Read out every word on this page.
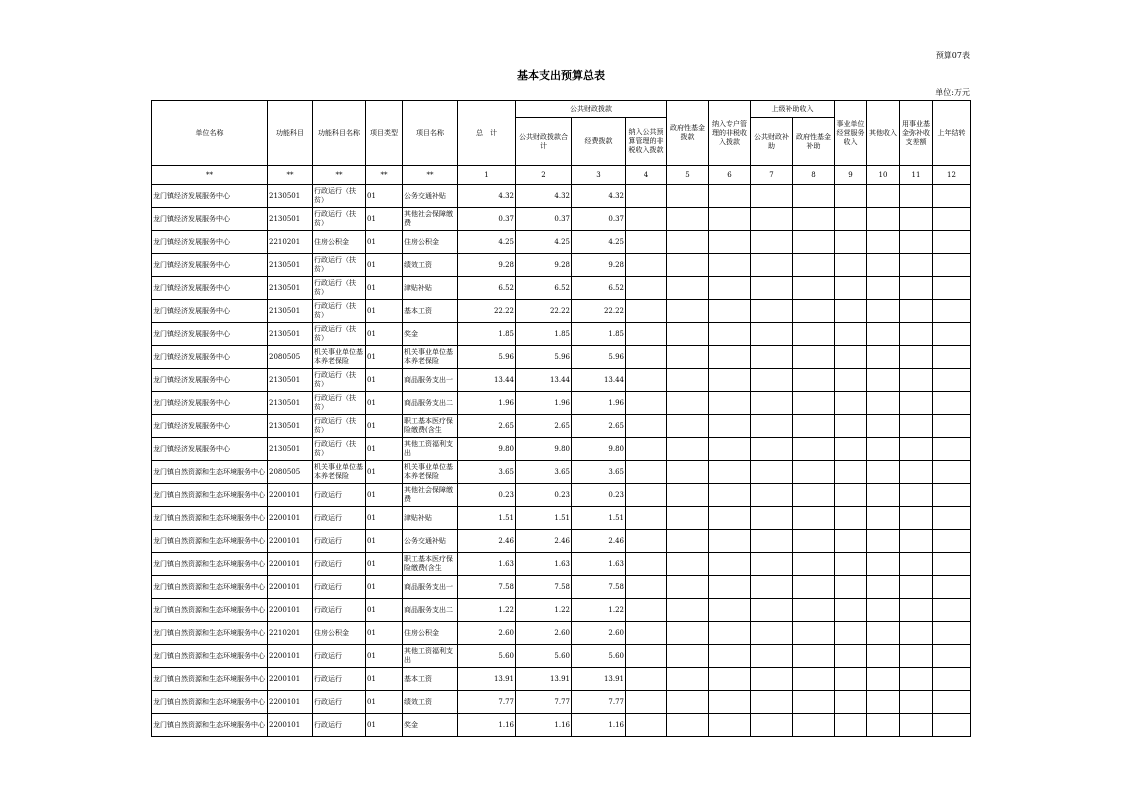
预算07表
基本支出预算总表
单位:万元
单位名称	功能科目	功能科目名称	项目类型	项目名称	总　计	公共财政拨款			政府性基金拨款	纳入专户管理的非税收入拨款	上级补助收入		事业单位经营服务收入	其他收入	用事业基金弥补收支差额	上年结转
						公共财政拨款合计	经费拨款	纳入公共预算管理的非税收入拨款			公共财政补助	政府性基金补助				
**	**	**	**	**	1	2	3	4	5	6	7	8	9	10	11	12
龙门镇经济发展服务中心	2130501	行政运行（扶贫）	01	公务交通补贴	4.32	4.32	4.32									
龙门镇经济发展服务中心	2130501	行政运行（扶贫）	01	其他社会保障缴费	0.37	0.37	0.37									
龙门镇经济发展服务中心	2210201	住房公积金	01	住房公积金	4.25	4.25	4.25									
龙门镇经济发展服务中心	2130501	行政运行（扶贫）	01	绩效工资	9.28	9.28	9.28									
龙门镇经济发展服务中心	2130501	行政运行（扶贫）	01	津贴补贴	6.52	6.52	6.52									
龙门镇经济发展服务中心	2130501	行政运行（扶贫）	01	基本工资	22.22	22.22	22.22									
龙门镇经济发展服务中心	2130501	行政运行（扶贫）	01	奖金	1.85	1.85	1.85									
龙门镇经济发展服务中心	2080505	机关事业单位基本养老保险	01	机关事业单位基本养老保险	5.96	5.96	5.96									
龙门镇经济发展服务中心	2130501	行政运行（扶贫）	01	商品服务支出一	13.44	13.44	13.44									
龙门镇经济发展服务中心	2130501	行政运行（扶贫）	01	商品服务支出二	1.96	1.96	1.96									
龙门镇经济发展服务中心	2130501	行政运行（扶贫）	01	职工基本医疗保险缴费(含生	2.65	2.65	2.65									
龙门镇经济发展服务中心	2130501	行政运行（扶贫）	01	其他工资福利支出	9.80	9.80	9.80									
龙门镇自然资源和生态环境服务中心	2080505	机关事业单位基本养老保险	01	机关事业单位基本养老保险	3.65	3.65	3.65									
龙门镇自然资源和生态环境服务中心	2200101	行政运行	01	其他社会保障缴费	0.23	0.23	0.23									
龙门镇自然资源和生态环境服务中心	2200101	行政运行	01	津贴补贴	1.51	1.51	1.51									
龙门镇自然资源和生态环境服务中心	2200101	行政运行	01	公务交通补贴	2.46	2.46	2.46									
龙门镇自然资源和生态环境服务中心	2200101	行政运行	01	职工基本医疗保险缴费(含生	1.63	1.63	1.63									
龙门镇自然资源和生态环境服务中心	2200101	行政运行	01	商品服务支出一	7.58	7.58	7.58									
龙门镇自然资源和生态环境服务中心	2200101	行政运行	01	商品服务支出二	1.22	1.22	1.22									
龙门镇自然资源和生态环境服务中心	2210201	住房公积金	01	住房公积金	2.60	2.60	2.60									
龙门镇自然资源和生态环境服务中心	2200101	行政运行	01	其他工资福利支出	5.60	5.60	5.60									
龙门镇自然资源和生态环境服务中心	2200101	行政运行	01	基本工资	13.91	13.91	13.91									
龙门镇自然资源和生态环境服务中心	2200101	行政运行	01	绩效工资	7.77	7.77	7.77									
龙门镇自然资源和生态环境服务中心	2200101	行政运行	01	奖金	1.16	1.16	1.16									
